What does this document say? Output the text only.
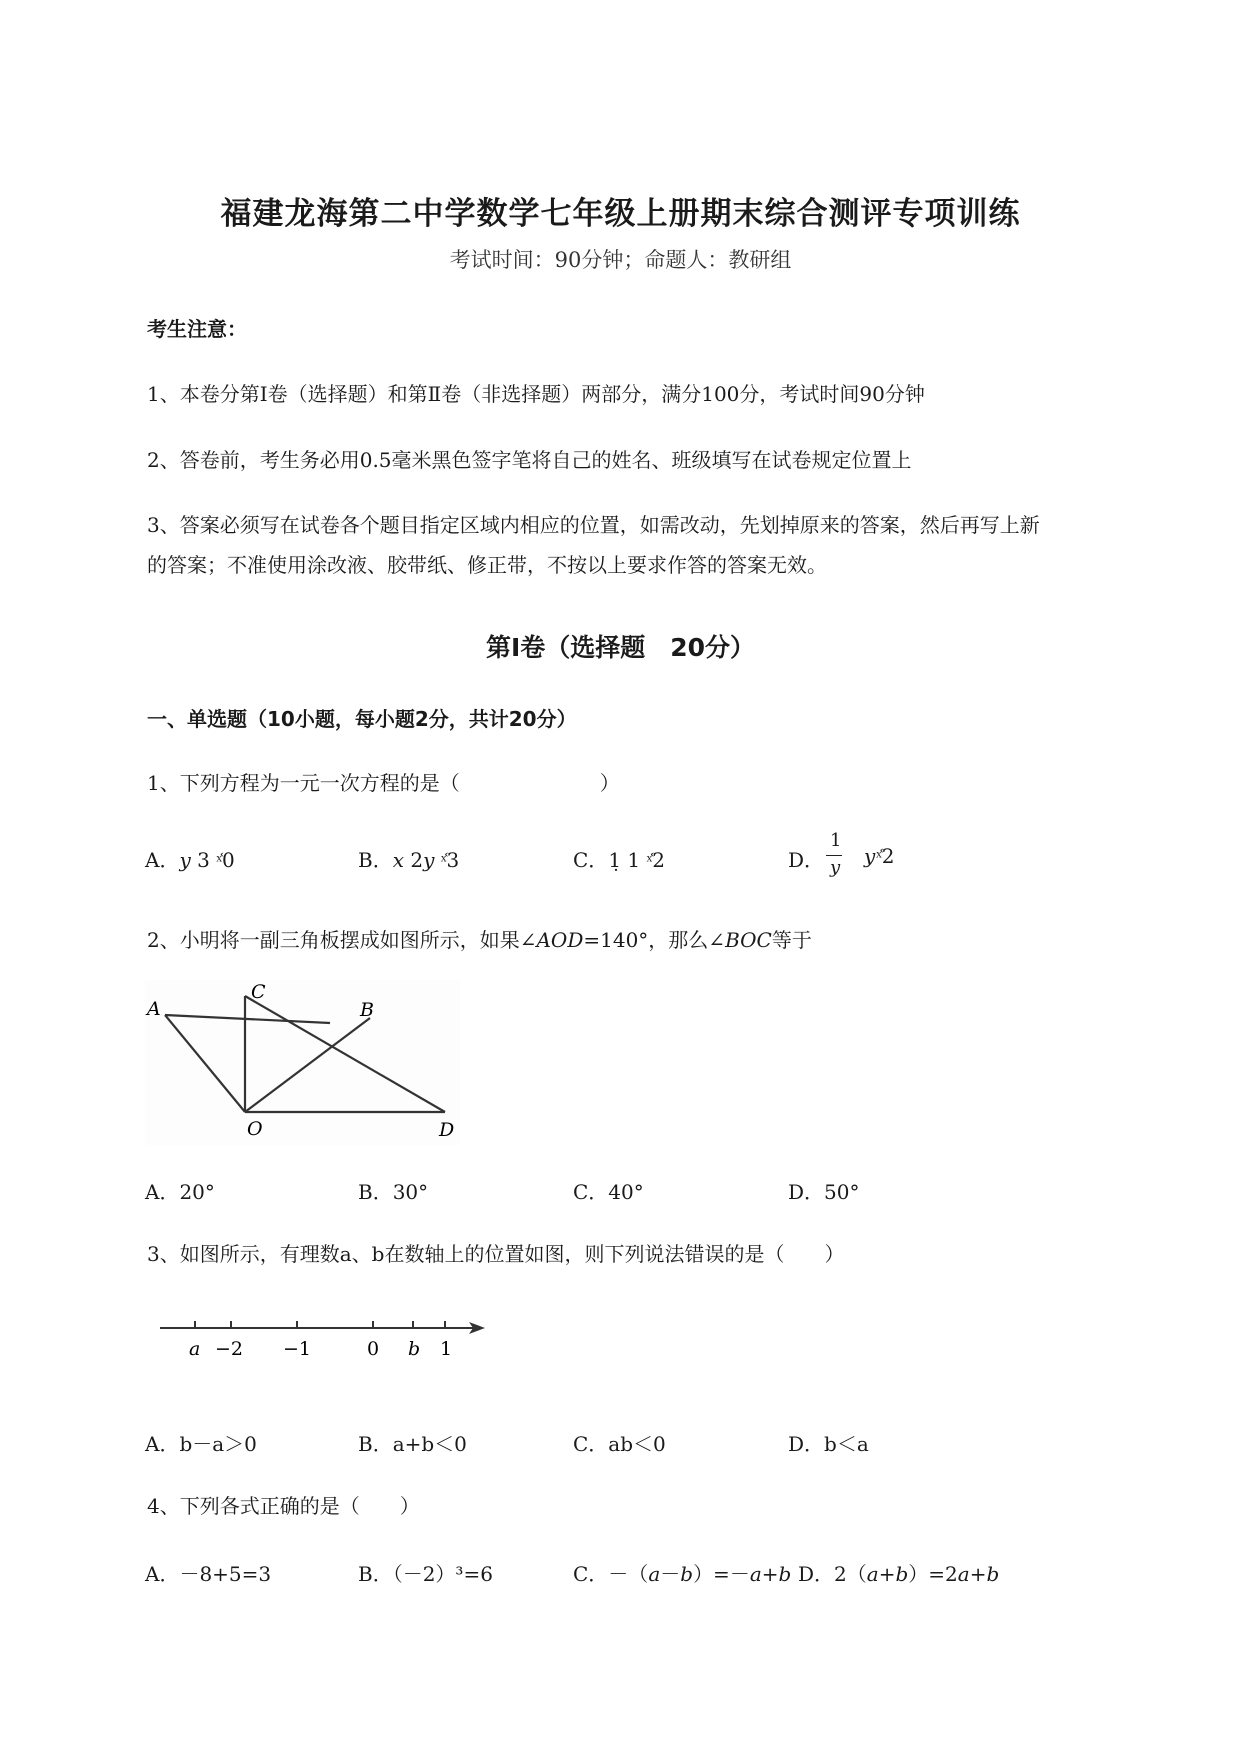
福建龙海第二中学数学七年级上册期末综合测评专项训练
考试时间：90分钟；命题人：教研组
考生注意：
1、本卷分第Ⅰ卷（选择题）和第Ⅱ卷（非选择题）两部分，满分100分，考试时间90分钟
2、答卷前，考生务必用0.5毫米黑色签字笔将自己的姓名、班级填写在试卷规定位置上
3、答案必须写在试卷各个题目指定区域内相应的位置，如需改动，先划掉原来的答案，然后再写上新
的答案；不准使用涂改液、胶带纸、修正带，不按以上要求作答的答案无效。
第Ⅰ卷（选择题　20分）
一、单选题（10小题，每小题2分，共计20分）
1、下列方程为一元一次方程的是（　　　　　　　）
A．y 3 ˣ᷾0	B．x 2y ˣ᷾3	C．1̣ 1 ˣ᷾2	D．
1
y y ˣ᷾2
2、小明将一副三角板摆成如图所示，如果∠AOD=140°，那么∠BOC等于
A
C
B
O	D
A．20°	B．30°	C．40°	D．50°
3、如图所示，有理数a、b在数轴上的位置如图，则下列说法错误的是（　　）
a −2 −1	0 b 1
A．b－a＞0	B．a+b＜0	C．ab＜0	D．b＜a
4、下列各式正确的是（　　）
A．－8+5=3	B．（－2）³=6	C．－（a－b）=－a+b D．2（a+b）=2a+b
